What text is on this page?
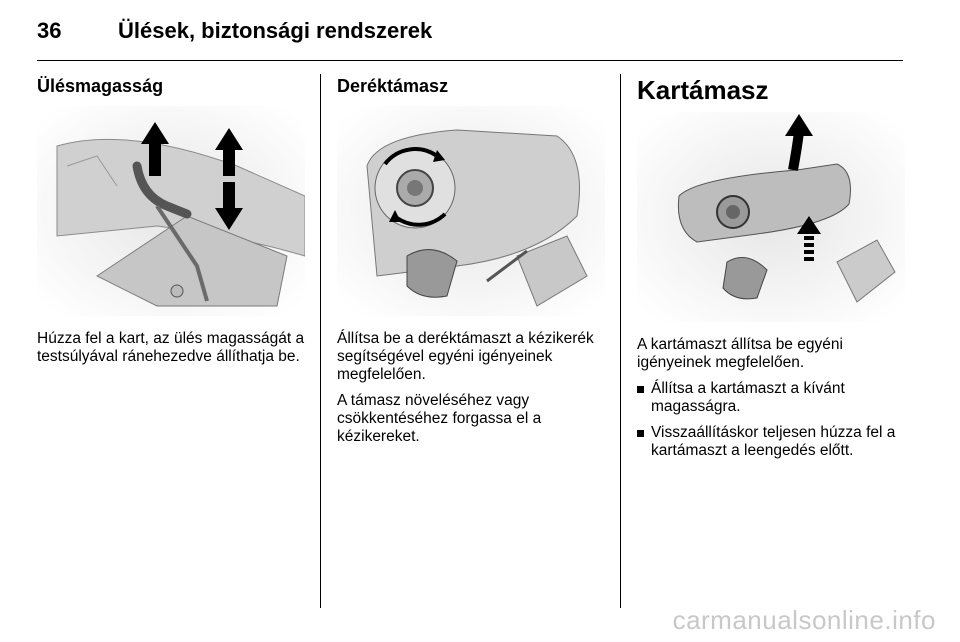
36	Ülések, biztonsági rendszerek
Ülésmagasság

Húzza fel a kart, az ülés magasságát a testsúlyával ránehezedve állíthatja be.

Deréktámasz

Állítsa be a deréktámaszt a kézikerék segítségével egyéni igényeinek megfelelően.

A támasz növeléséhez vagy csökkentéséhez forgassa el a kézikereket.

Kartámasz

A kartámaszt állítsa be egyéni igényeinek megfelelően.

Állítsa a kartámaszt a kívánt magasságra.
Visszaállításkor teljesen húzza fel a kartámaszt a leengedés előtt.
carmanualsonline.info
